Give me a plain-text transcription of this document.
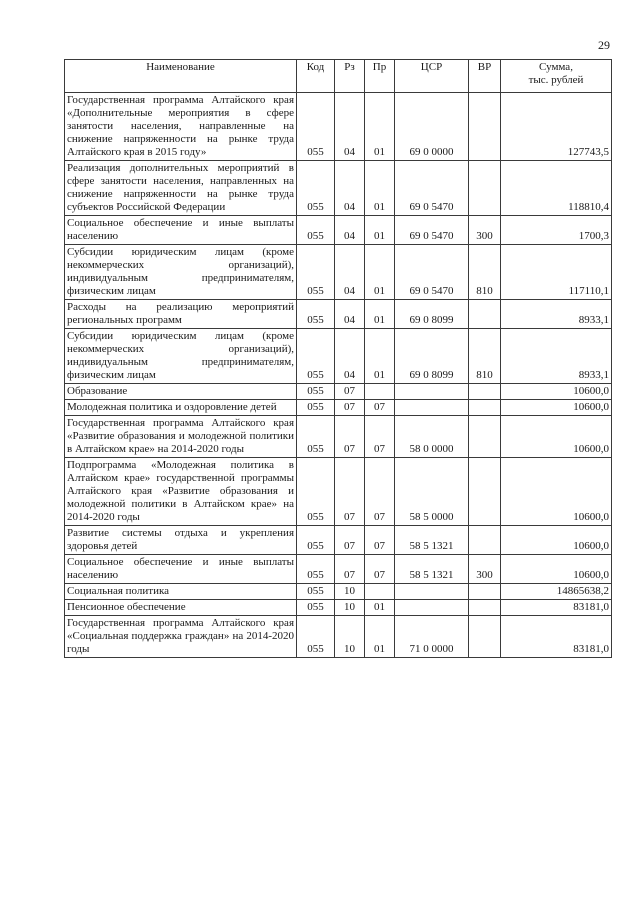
29
Наименование	Код	Рз	Пр	ЦСР	ВР	Сумма,
тыс. рублей
Государственная программа Алтайского края «Дополнительные мероприятия в сфере занятости населения, направленные на снижение напряженности на рынке труда Алтайского края в 2015 году»	055	04	01	69 0 0000		127743,5
Реализация дополнительных мероприятий в сфере занятости населения, направленных на снижение напряженности на рынке труда субъектов Российской Федерации	055	04	01	69 0 5470		118810,4
Социальное обеспечение и иные выплаты населению	055	04	01	69 0 5470	300	1700,3
Субсидии юридическим лицам (кроме некоммерческих организаций), индивидуальным предпринимателям, физическим лицам	055	04	01	69 0 5470	810	117110,1
Расходы на реализацию мероприятий региональных программ	055	04	01	69 0 8099		8933,1
Субсидии юридическим лицам (кроме некоммерческих организаций), индивидуальным предпринимателям, физическим лицам	055	04	01	69 0 8099	810	8933,1
Образование	055	07				10600,0
Молодежная политика и оздоровление детей	055	07	07			10600,0
Государственная программа Алтайского края «Развитие образования и молодежной политики в Алтайском крае» на 2014-2020 годы	055	07	07	58 0 0000		10600,0
Подпрограмма «Молодежная политика в Алтайском крае» государственной программы Алтайского края «Развитие образования и молодежной политики в Алтайском крае» на 2014-2020 годы	055	07	07	58 5 0000		10600,0
Развитие системы отдыха и укрепления здоровья детей	055	07	07	58 5 1321		10600,0
Социальное обеспечение и иные выплаты населению	055	07	07	58 5 1321	300	10600,0
Социальная политика	055	10				14865638,2
Пенсионное обеспечение	055	10	01			83181,0
Государственная программа Алтайского края «Социальная поддержка граждан» на 2014-2020 годы	055	10	01	71 0 0000		83181,0
